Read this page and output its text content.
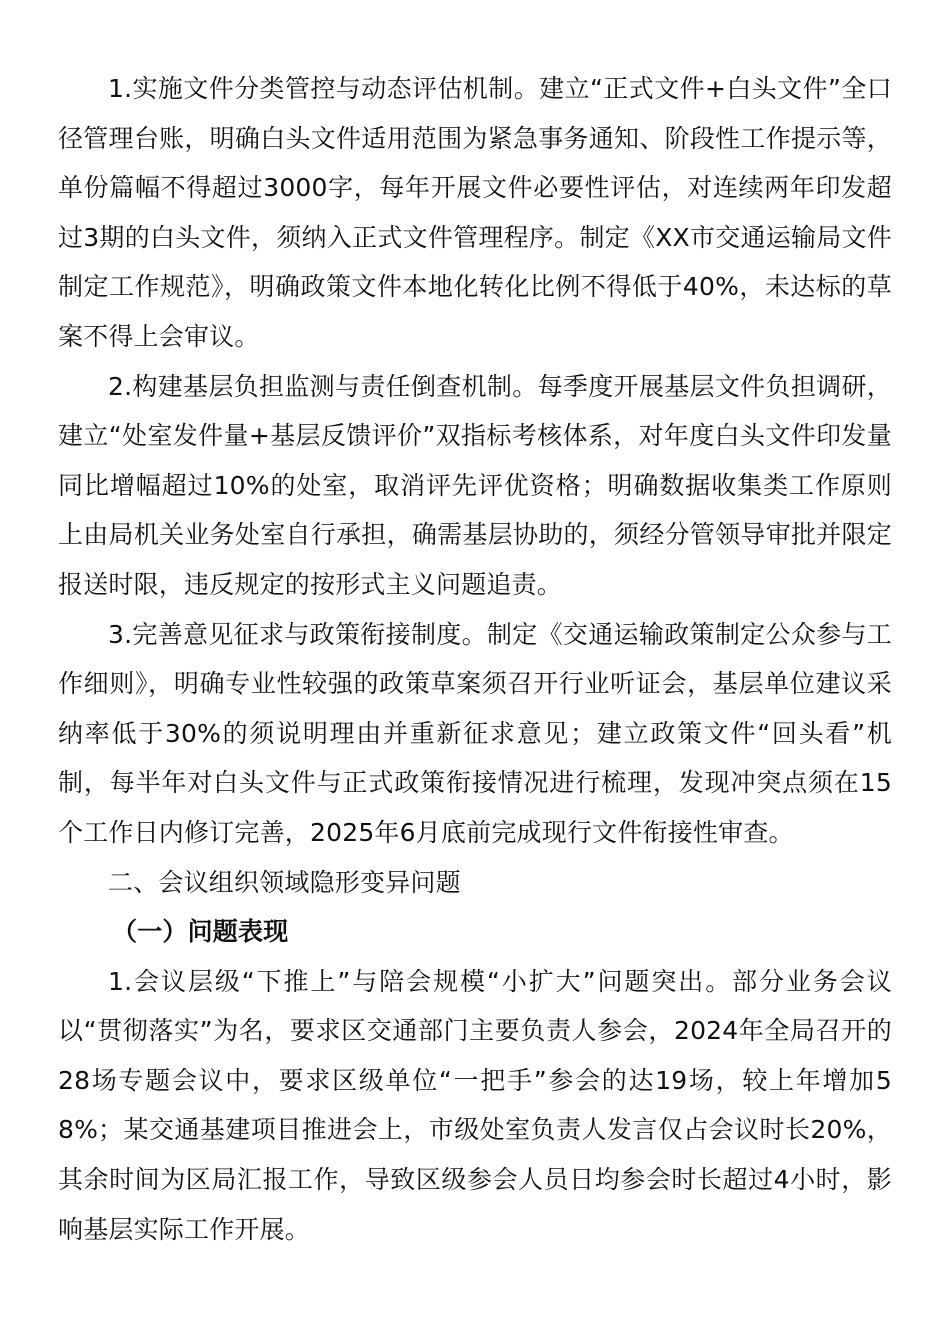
1.实施文件分类管控与动态评估机制。建立“正式文件+白头文件”全口径管理台账，明确白头文件适用范围为紧急事务通知、阶段性工作提示等，单份篇幅不得超过3000字，每年开展文件必要性评估，对连续两年印发超过3期的白头文件，须纳入正式文件管理程序。制定《XX市交通运输局文件制定工作规范》，明确政策文件本地化转化比例不得低于40%，未达标的草案不得上会审议。

2.构建基层负担监测与责任倒查机制。每季度开展基层文件负担调研，建立“处室发件量+基层反馈评价”双指标考核体系，对年度白头文件印发量同比增幅超过10%的处室，取消评先评优资格；明确数据收集类工作原则上由局机关业务处室自行承担，确需基层协助的，须经分管领导审批并限定报送时限，违反规定的按形式主义问题追责。

3.完善意见征求与政策衔接制度。制定《交通运输政策制定公众参与工作细则》，明确专业性较强的政策草案须召开行业听证会，基层单位建议采纳率低于30%的须说明理由并重新征求意见；建立政策文件“回头看”机制，每半年对白头文件与正式政策衔接情况进行梳理，发现冲突点须在15个工作日内修订完善，2025年6月底前完成现行文件衔接性审查。

二、会议组织领域隐形变异问题

（一）问题表现

1.会议层级“下推上”与陪会规模“小扩大”问题突出。部分业务会议以“贯彻落实”为名，要求区交通部门主要负责人参会，2024年全局召开的28场专题会议中，要求区级单位“一把手”参会的达19场，较上年增加58%；某交通基建项目推进会上，市级处室负责人发言仅占会议时长20%，其余时间为区局汇报工作，导致区级参会人员日均参会时长超过4小时，影响基层实际工作开展。
